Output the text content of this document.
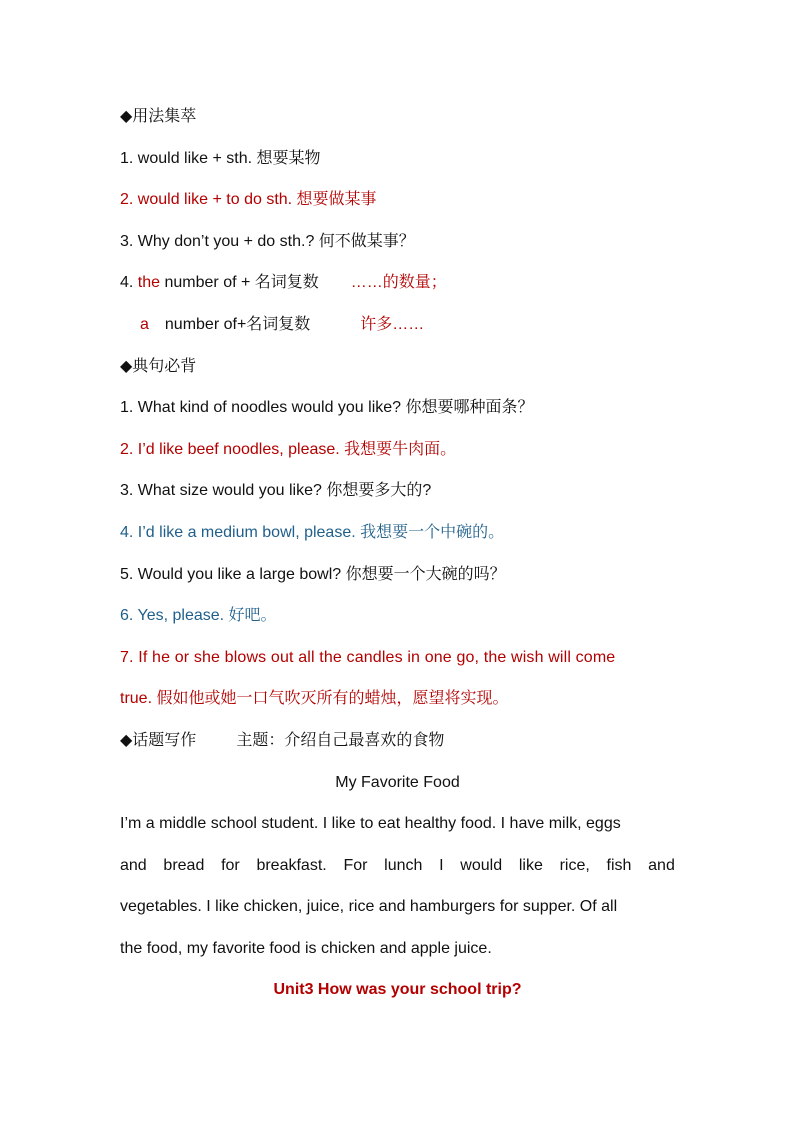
◆用法集萃
1. would like + sth. 想要某物
2. would like + to do sth. 想要做某事
3. Why don’t you + do sth.? 何不做某事？
4. the number of + 名词复数 ……的数量；
a number of+名词复数	许多……
◆典句必背
1. What kind of noodles would you like? 你想要哪种面条？
2. I’d like beef noodles, please. 我想要牛肉面。
3. What size would you like? 你想要多大的?
4. I’d like a medium bowl, please. 我想要一个中碗的。
5. Would you like a large bowl? 你想要一个大碗的吗？
6. Yes, please. 好吧。
7. If he or she blows out all the candles in one go, the wish will come
true. 假如他或她一口气吹灭所有的蜡烛，愿望将实现。
◆话题写作	主题：介绍自己最喜欢的食物
My Favorite Food
I’m a middle school student. I like to eat healthy food. I have milk, eggs
and bread for breakfast. For lunch I would like rice, fish and
vegetables. I like chicken, juice, rice and hamburgers for supper. Of all
the food, my favorite food is chicken and apple juice.
Unit3 How was your school trip?
